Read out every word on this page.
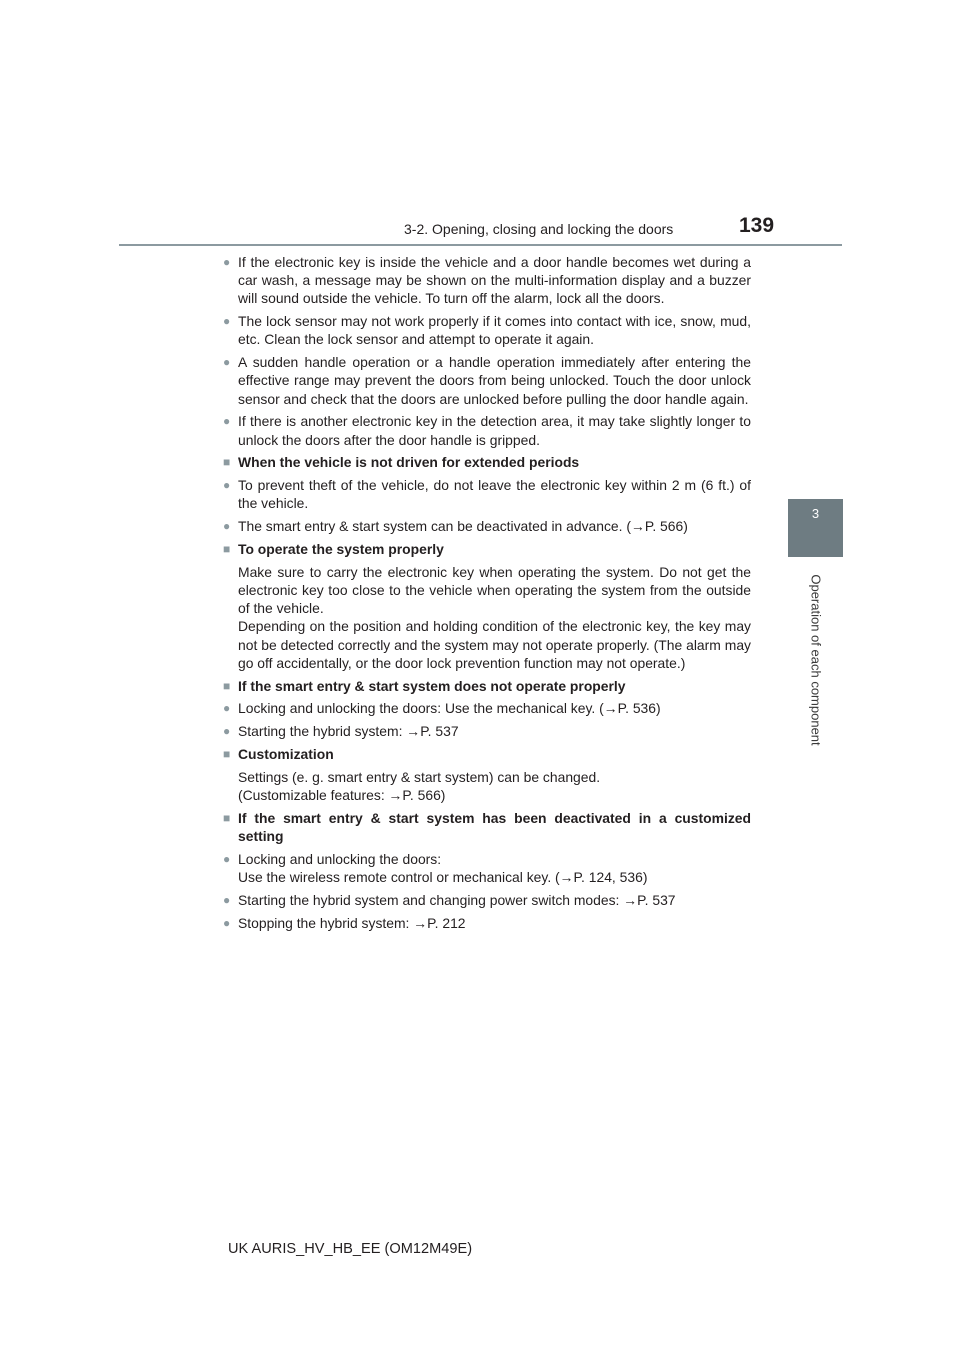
3-2. Opening, closing and locking the doors	139
3
Operation of each component
● If the electronic key is inside the vehicle and a door handle becomes wet during a car wash, a message may be shown on the multi-information display and a buzzer will sound outside the vehicle. To turn off the alarm, lock all the doors.
● The lock sensor may not work properly if it comes into contact with ice, snow, mud, etc. Clean the lock sensor and attempt to operate it again.
● A sudden handle operation or a handle operation immediately after entering the effective range may prevent the doors from being unlocked. Touch the door unlock sensor and check that the doors are unlocked before pulling the door handle again.
● If there is another electronic key in the detection area, it may take slightly longer to unlock the doors after the door handle is gripped.
■ When the vehicle is not driven for extended periods
● To prevent theft of the vehicle, do not leave the electronic key within 2 m (6 ft.) of the vehicle.
● The smart entry & start system can be deactivated in advance. (→P. 566)
■ To operate the system properly
Make sure to carry the electronic key when operating the system. Do not get the electronic key too close to the vehicle when operating the system from the outside of the vehicle.
Depending on the position and holding condition of the electronic key, the key may not be detected correctly and the system may not operate properly. (The alarm may go off accidentally, or the door lock prevention function may not operate.)
■ If the smart entry & start system does not operate properly
● Locking and unlocking the doors: Use the mechanical key. (→P. 536)
● Starting the hybrid system: →P. 537
■ Customization
Settings (e. g. smart entry & start system) can be changed.
(Customizable features: →P. 566)
■ If the smart entry & start system has been deactivated in a customized setting
● Locking and unlocking the doors:
Use the wireless remote control or mechanical key. (→P. 124, 536)
● Starting the hybrid system and changing power switch modes: →P. 537
● Stopping the hybrid system: →P. 212
UK AURIS_HV_HB_EE (OM12M49E)
